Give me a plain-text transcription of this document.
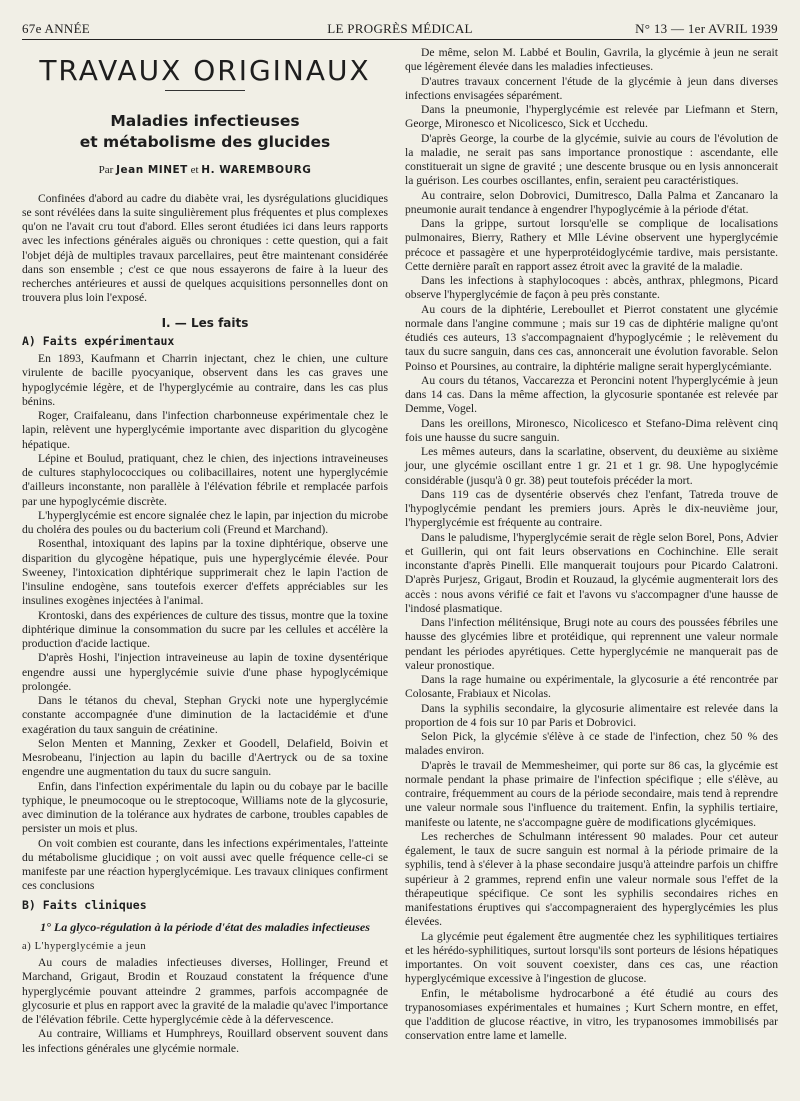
67e ANNÉE	LE PROGRÈS MÉDICAL	N° 13 — 1er AVRIL 1939
TRAVAUX ORIGINAUX
Maladies infectieuses
et métabolisme des glucides
Par Jean MINET et H. WAREMBOURG

Confinées d'abord au cadre du diabète vrai, les dysrégulations glucidiques se sont révélées dans la suite singulièrement plus fréquentes et plus complexes qu'on ne l'avait cru tout d'abord. Elles seront étudiées ici dans leurs rapports avec les infections générales aiguës ou chroniques : cette question, qui a fait l'objet déjà de multiples travaux parcellaires, peut être maintenant considérée dans son ensemble ; c'est ce que nous essayerons de faire à la lueur des recherches antérieures et aussi de quelques acquisitions personnelles dont on trouvera plus loin l'exposé.

I. — Les faits
A) Faits expérimentaux

En 1893, Kaufmann et Charrin injectant, chez le chien, une culture virulente de bacille pyocyanique, observent dans les cas graves une hypoglycémie légère, et de l'hyperglycémie au contraire, dans les cas plus bénins.

Roger, Craifaleanu, dans l'infection charbonneuse expérimentale chez le lapin, relèvent une hyperglycémie importante avec disparition du glycogène hépatique.

Lépine et Boulud, pratiquant, chez le chien, des injections intraveineuses de cultures staphylococciques ou colibacillaires, notent une hyperglycémie d'ailleurs inconstante, non parallèle à l'élévation fébrile et remplacée parfois par une hypoglycémie discrète.

L'hyperglycémie est encore signalée chez le lapin, par injection du microbe du choléra des poules ou du bacterium coli (Freund et Marchand).

Rosenthal, intoxiquant des lapins par la toxine diphtérique, observe une disparition du glycogène hépatique, puis une hyperglycémie élevée. Pour Sweeney, l'intoxication diphtérique supprimerait chez le lapin l'action de l'insuline endogène, sans toutefois exercer d'effets appréciables sur les insulines exogènes injectées à l'animal.

Krontoski, dans des expériences de culture des tissus, montre que la toxine diphtérique diminue la consommation du sucre par les cellules et accélère la production d'acide lactique.

D'après Hoshi, l'injection intraveineuse au lapin de toxine dysentérique engendre aussi une hyperglycémie suivie d'une phase hypoglycémique prolongée.

Dans le tétanos du cheval, Stephan Grycki note une hyperglycémie constante accompagnée d'une diminution de la lactacidémie et d'une exagération du taux sanguin de créatinine.

Selon Menten et Manning, Zexker et Goodell, Delafield, Boivin et Mesrobeanu, l'injection au lapin du bacille d'Aertryck ou de sa toxine engendre une augmentation du taux du sucre sanguin.

Enfin, dans l'infection expérimentale du lapin ou du cobaye par le bacille typhique, le pneumocoque ou le streptocoque, Williams note de la glycosurie, avec diminution de la tolérance aux hydrates de carbone, troubles capables de persister un mois et plus.

On voit combien est courante, dans les infections expérimentales, l'atteinte du métabolisme glucidique ; on voit aussi avec quelle fréquence celle-ci se manifeste par une réaction hyperglycémique. Les travaux cliniques confirment ces conclusions

B) Faits cliniques
1° La glyco-régulation à la période d'état des maladies infectieuses
a) L'hyperglycémie a jeun

Au cours de maladies infectieuses diverses, Hollinger, Freund et Marchand, Grigaut, Brodin et Rouzaud constatent la fréquence d'une hyperglycémie pouvant atteindre 2 grammes, parfois accompagnée de glycosurie et plus en rapport avec la gravité de la maladie qu'avec l'importance de l'élévation fébrile. Cette hyperglycémie cède à la défervescence.

Au contraire, Williams et Humphreys, Rouillard observent souvent dans les infections générales une glycémie normale.

De même, selon M. Labbé et Boulin, Gavrila, la glycémie à jeun ne serait que légèrement élevée dans les maladies infectieuses.

D'autres travaux concernent l'étude de la glycémie à jeun dans diverses infections envisagées séparément.

Dans la pneumonie, l'hyperglycémie est relevée par Liefmann et Stern, George, Mironesco et Nicolicesco, Sick et Ucchedu.

D'après George, la courbe de la glycémie, suivie au cours de l'évolution de la maladie, ne serait pas sans importance pronostique : ascendante, elle constituerait un signe de gravité ; une descente brusque ou en lysis annoncerait la guérison. Les courbes oscillantes, enfin, seraient peu caractéristiques.

Au contraire, selon Dobrovici, Dumitresco, Dalla Palma et Zancanaro la pneumonie aurait tendance à engendrer l'hypoglycémie à la période d'état.

Dans la grippe, surtout lorsqu'elle se complique de localisations pulmonaires, Bierry, Rathery et Mlle Lévine observent une hyperglycémie précoce et passagère et une hyperprotéidoglycémie tardive, mais persistante. Cette dernière paraît en rapport assez étroit avec la gravité de la maladie.

Dans les infections à staphylocoques : abcès, anthrax, phlegmons, Picard observe l'hyperglycémie de façon à peu près constante.

Au cours de la diphtérie, Lereboullet et Pierrot constatent une glycémie normale dans l'angine commune ; mais sur 19 cas de diphtérie maligne qu'ont étudiés ces auteurs, 13 s'accompagnaient d'hypoglycémie ; le relèvement du taux du sucre sanguin, dans ces cas, annoncerait une évolution favorable. Selon Poinso et Poursines, au contraire, la diphtérie maligne serait hyperglycémiante.

Au cours du tétanos, Vaccarezza et Peroncini notent l'hyperglycémie à jeun dans 14 cas. Dans la même affection, la glycosurie spontanée est relevée par Demme, Vogel.

Dans les oreillons, Mironesco, Nicolicesco et Stefano-Dima relèvent cinq fois une hausse du sucre sanguin.

Les mêmes auteurs, dans la scarlatine, observent, du deuxième au sixième jour, une glycémie oscillant entre 1 gr. 21 et 1 gr. 98. Une hypoglycémie considérable (jusqu'à 0 gr. 38) peut toutefois précéder la mort.

Dans 119 cas de dysentérie observés chez l'enfant, Tatreda trouve de l'hypoglycémie pendant les premiers jours. Après le dix-neuvième jour, l'hyperglycémie est fréquente au contraire.

Dans le paludisme, l'hyperglycémie serait de règle selon Borel, Pons, Advier et Guillerin, qui ont fait leurs observations en Cochinchine. Elle serait inconstante d'après Pinelli. Elle manquerait toujours pour Picardo Calatroni. D'après Purjesz, Grigaut, Brodin et Rouzaud, la glycémie augmenterait lors des accès : nous avons vérifié ce fait et l'avons vu s'accompagner d'une hausse de l'indosé plasmatique.

Dans l'infection méliténsique, Brugi note au cours des poussées fébriles une hausse des glycémies libre et protéidique, qui reprennent une valeur normale pendant les périodes apyrétiques. Cette hyperglycémie ne manquerait pas de valeur pronostique.

Dans la rage humaine ou expérimentale, la glycosurie a été rencontrée par Colosante, Frabiaux et Nicolas.

Dans la syphilis secondaire, la glycosurie alimentaire est relevée dans la proportion de 4 fois sur 10 par Paris et Dobrovici.

Selon Pick, la glycémie s'élève à ce stade de l'infection, chez 50 % des malades environ.

D'après le travail de Memmesheimer, qui porte sur 86 cas, la glycémie est normale pendant la phase primaire de l'infection spécifique ; elle s'élève, au contraire, fréquemment au cours de la période secondaire, mais tend à reprendre une valeur normale sous l'influence du traitement. Enfin, la syphilis tertiaire, manifeste ou latente, ne s'accompagne guère de modifications glycémiques.

Les recherches de Schulmann intéressent 90 malades. Pour cet auteur également, le taux de sucre sanguin est normal à la période primaire de la syphilis, tend à s'élever à la phase secondaire jusqu'à atteindre parfois un chiffre supérieur à 2 grammes, reprend enfin une valeur normale sous l'effet de la thérapeutique spécifique. Ce sont les syphilis secondaires riches en manifestations éruptives qui s'accompagneraient des hyperglycémies les plus élevées.

La glycémie peut également être augmentée chez les syphilitiques tertiaires et les hérédo-syphilitiques, surtout lorsqu'ils sont porteurs de lésions hépatiques importantes. On voit souvent coexister, dans ces cas, une réaction hyperglycémique excessive à l'ingestion de glucose.

Enfin, le métabolisme hydrocarboné a été étudié au cours des trypanosomiases expérimentales et humaines ; Kurt Schern montre, en effet, que l'addition de glucose réactive, in vitro, les trypanosomes immobilisés par conservation entre lame et lamelle.
